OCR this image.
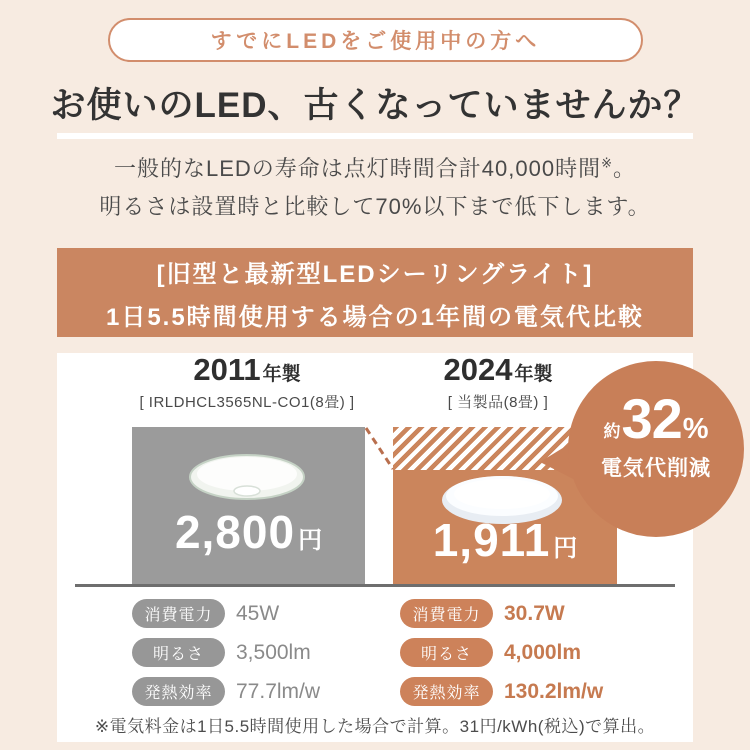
すでにLEDをご使用中の方へ
お使いのLED、古くなっていませんか？

一般的なLEDの寿命は点灯時間合計40,000時間※。

明るさは設置時と比較して70%以下まで低下します。

[旧型と最新型LEDシーリングライト]
1日5.5時間使用する場合の1年間の電気代比較
2011 年製
[ IRLDHCL3565NL-CO1(8畳) ]
2024 年製
[ 当製品(8畳) ]
2,800 円	1,911 円
約 32 %
電気代削減
消費電力	45W
明るさ	3,500lm
発熱効率	77.7lm/w
消費電力	30.7W
明るさ	4,000lm
発熱効率	130.2lm/w

※電気料金は1日5.5時間使用した場合で計算。31円/kWh(税込)で算出。
